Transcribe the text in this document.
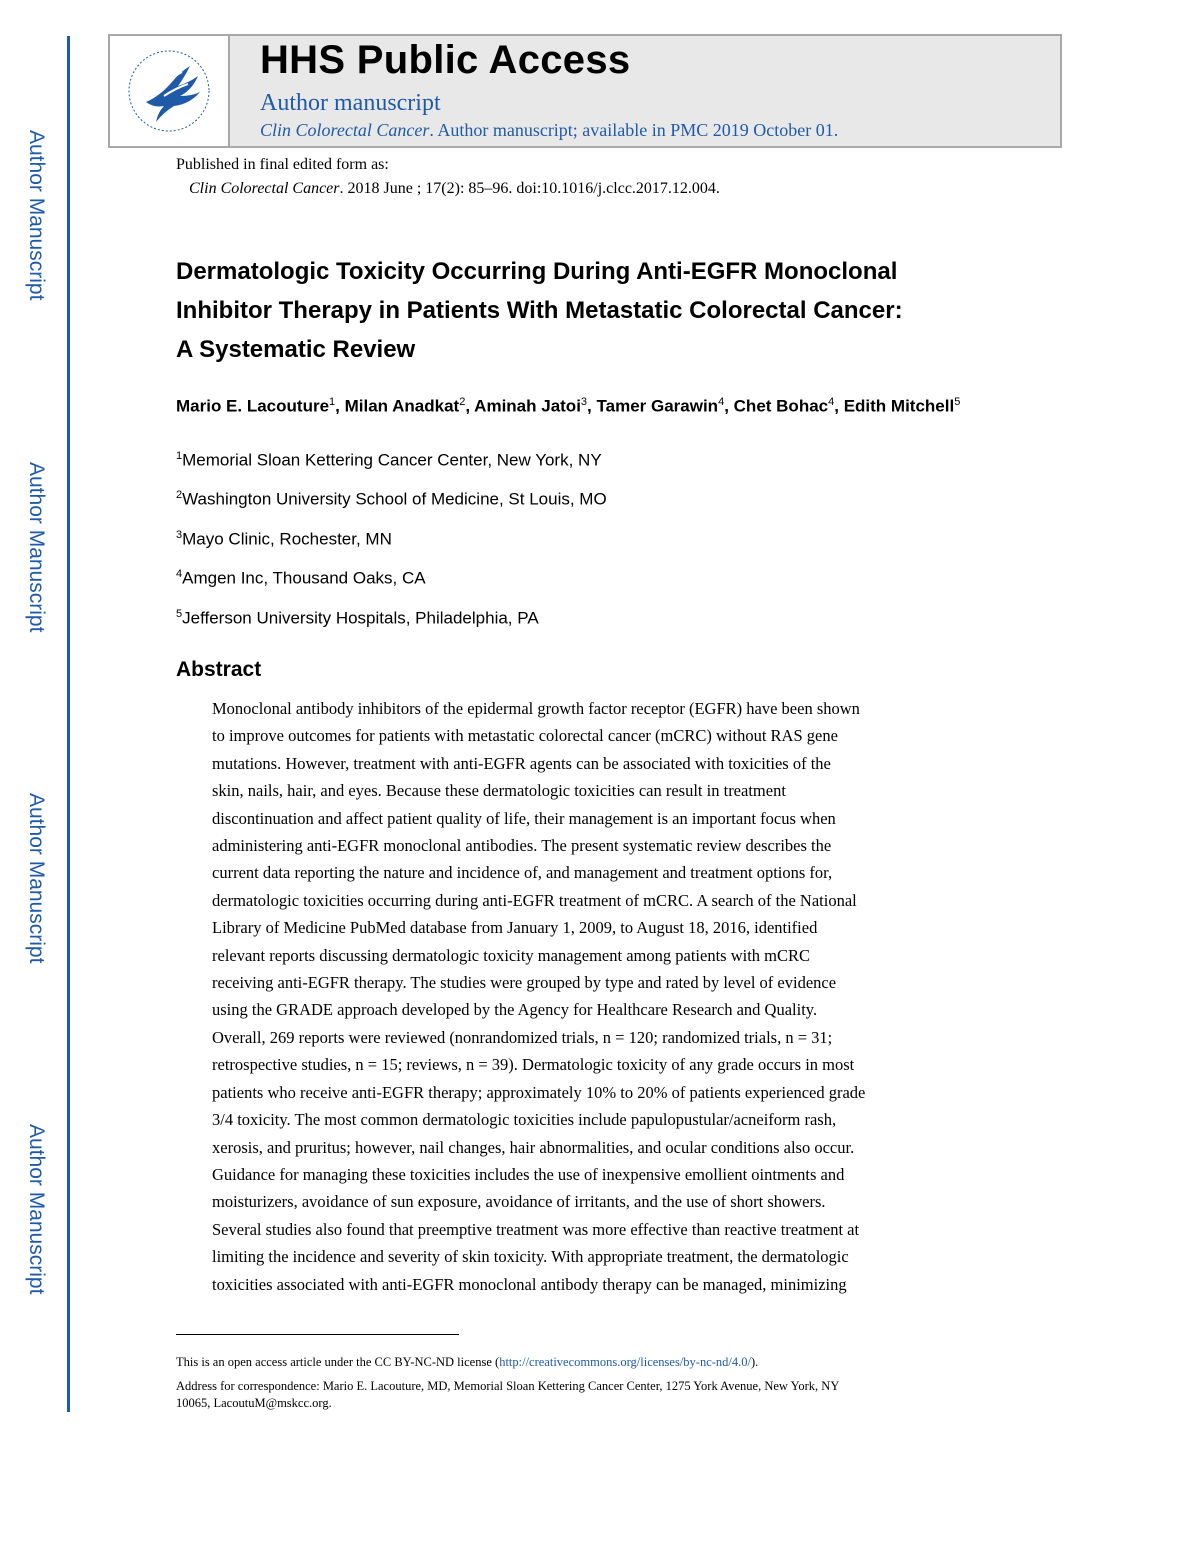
Author Manuscript
Author Manuscript
Author Manuscript
Author Manuscript
HHS Public Access
Author manuscript
Clin Colorectal Cancer. Author manuscript; available in PMC 2019 October 01.
Published in final edited form as:
Clin Colorectal Cancer. 2018 June ; 17(2): 85–96. doi:10.1016/j.clcc.2017.12.004.
Dermatologic Toxicity Occurring During Anti-EGFR Monoclonal
Inhibitor Therapy in Patients With Metastatic Colorectal Cancer:
A Systematic Review
Mario E. Lacouture$^1$, Milan Anadkat$^2$, Aminah Jatoi$^3$, Tamer Garawin$^4$, Chet Bohac$^4$, Edith Mitchell$^5$
$^1$Memorial Sloan Kettering Cancer Center, New York, NY
$^2$Washington University School of Medicine, St Louis, MO
$^3$Mayo Clinic, Rochester, MN
$^4$Amgen Inc, Thousand Oaks, CA
$^5$Jefferson University Hospitals, Philadelphia, PA
Abstract
Monoclonal antibody inhibitors of the epidermal growth factor receptor (EGFR) have been shown
to improve outcomes for patients with metastatic colorectal cancer (mCRC) without RAS gene
mutations. However, treatment with anti-EGFR agents can be associated with toxicities of the
skin, nails, hair, and eyes. Because these dermatologic toxicities can result in treatment
discontinuation and affect patient quality of life, their management is an important focus when
administering anti-EGFR monoclonal antibodies. The present systematic review describes the
current data reporting the nature and incidence of, and management and treatment options for,
dermatologic toxicities occurring during anti-EGFR treatment of mCRC. A search of the National
Library of Medicine PubMed database from January 1, 2009, to August 18, 2016, identified
relevant reports discussing dermatologic toxicity management among patients with mCRC
receiving anti-EGFR therapy. The studies were grouped by type and rated by level of evidence
using the GRADE approach developed by the Agency for Healthcare Research and Quality.
Overall, 269 reports were reviewed (nonrandomized trials, n = 120; randomized trials, n = 31;
retrospective studies, n = 15; reviews, n = 39). Dermatologic toxicity of any grade occurs in most
patients who receive anti-EGFR therapy; approximately 10% to 20% of patients experienced grade
3/4 toxicity. The most common dermatologic toxicities include papulopustular/acneiform rash,
xerosis, and pruritus; however, nail changes, hair abnormalities, and ocular conditions also occur.
Guidance for managing these toxicities includes the use of inexpensive emollient ointments and
moisturizers, avoidance of sun exposure, avoidance of irritants, and the use of short showers.
Several studies also found that preemptive treatment was more effective than reactive treatment at
limiting the incidence and severity of skin toxicity. With appropriate treatment, the dermatologic
toxicities associated with anti-EGFR monoclonal antibody therapy can be managed, minimizing
This is an open access article under the CC BY-NC-ND license (http://creativecommons.org/licenses/by-nc-nd/4.0/).
Address for correspondence: Mario E. Lacouture, MD, Memorial Sloan Kettering Cancer Center, 1275 York Avenue, New York, NY
10065, LacoutuM@mskcc.org.
